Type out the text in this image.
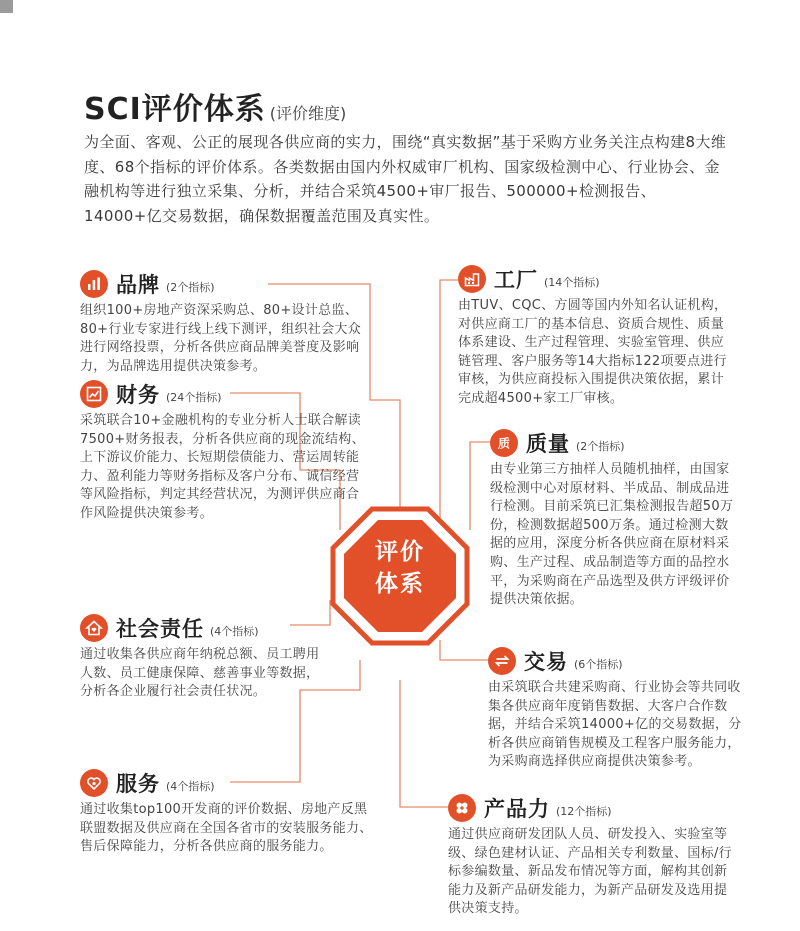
SCI评价体系 (评价维度)
为全面、客观、公正的展现各供应商的实力，围绕“真实数据”基于采购方业务关注点构建8大维度、68个指标的评价体系。各类数据由国内外权威审厂机构、国家级检测中心、行业协会、金融机构等进行独立采集、分析，并结合采筑4500+审厂报告、500000+检测报告、14000+亿交易数据，确保数据覆盖范围及真实性。
评价
体系
品牌 (2个指标)
组织100+房地产资深采购总、80+设计总监、80+行业专家进行线上线下测评，组织社会大众进行网络投票，分析各供应商品牌美誉度及影响力，为品牌选用提供决策参考。
财务 (24个指标)
采筑联合10+金融机构的专业分析人士联合解读7500+财务报表，分析各供应商的现金流结构、上下游议价能力、长短期偿债能力、营运周转能力、盈利能力等财务指标及客户分布、诚信经营等风险指标，判定其经营状况，为测评供应商合作风险提供决策参考。
社会责任 (4个指标)
通过收集各供应商年纳税总额、员工聘用人数、员工健康保障、慈善事业等数据，分析各企业履行社会责任状况。
服务 (4个指标)
通过收集top100开发商的评价数据、房地产反黑联盟数据及供应商在全国各省市的安装服务能力、售后保障能力，分析各供应商的服务能力。
工厂 (14个指标)
由TUV、CQC、方圆等国内外知名认证机构，对供应商工厂的基本信息、资质合规性、质量体系建设、生产过程管理、实验室管理、供应链管理、客户服务等14大指标122项要点进行审核，为供应商投标入围提供决策依据，累计完成超4500+家工厂审核。
质 质量 (2个指标)
由专业第三方抽样人员随机抽样，由国家级检测中心对原材料、半成品、制成品进行检测。目前采筑已汇集检测报告超50万份，检测数据超500万条。通过检测大数据的应用，深度分析各供应商在原材料采购、生产过程、成品制造等方面的品控水平，为采购商在产品选型及供方评级评价提供决策依据。
交易 (6个指标)
由采筑联合共建采购商、行业协会等共同收集各供应商年度销售数据、大客户合作数据，并结合采筑14000+亿的交易数据，分析各供应商销售规模及工程客户服务能力，为采购商选择供应商提供决策参考。
产品力 (12个指标)
通过供应商研发团队人员、研发投入、实验室等级、绿色建材认证、产品相关专利数量、国标/行标参编数量、新品发布情况等方面，解构其创新能力及新产品研发能力，为新产品研发及选用提供决策支持。
